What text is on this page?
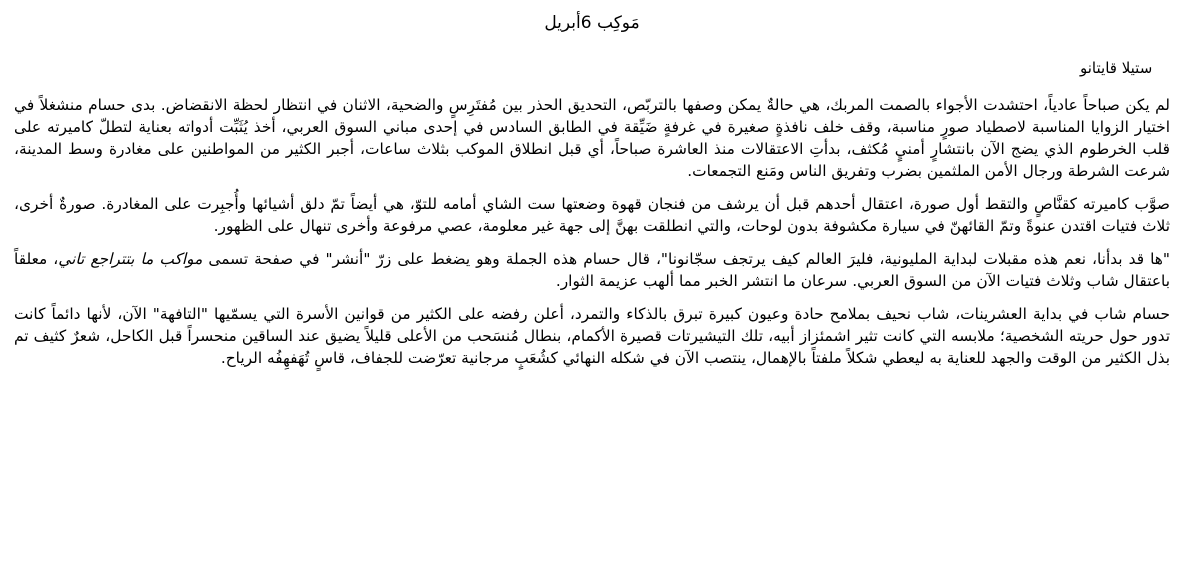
مَوكِب 6أبريل
ستيلا قايتانو

لم يكن صباحاً عادياً، احتشدت الأجواء بالصمت المربك، هي حالةٌ يمكن وصفها بالتربّص، التحديق الحذر بين مُفتَرِسٍ والضحية، الاثنان في انتظار لحظة الانقضاض. بدى حسام منشغلاً في اختيار الزوايا المناسبة لاصطياد صورٍ مناسبة، وقف خلف نافذةٍ صغيرة في غرفةٍ ضَيِّقة في الطابق السادس في إحدى مباني السوق العربي، أخذ يُثَبِّت أدواته بعناية لتطلّ كاميرته على قلب الخرطوم الذي يضج الآن بانتشارٍ أمنيٍ مُكثف، بدأتِ الاعتقالات منذ العاشرة صباحاً، أي قبل انطلاق الموكب بثلاث ساعات، أجبر الكثير من المواطنين على مغادرة وسط المدينة، شرعت الشرطة ورجال الأمن الملثمين بضرب وتفريق الناس ومَنع التجمعات.

صوَّب كاميرته كقنَّاصٍ والتقط أول صورة، اعتقال أحدهم قبل أن يرشف من فنجان قهوة وضعتها ست الشاي أمامه للتوّ، هي أيضاً تمّ دلق أشيائها وأُجبِرت على المغادرة. صورةٌ أخرى، ثلاث فتيات اقتدن عنوةً وتمّ القائهنّ في سيارة مكشوفة بدون لوحات، والتي انطلقت بهنَّ إلى جهة غير معلومة، عصي مرفوعة وأخرى تنهال على الظهور.

"ها قد بدأنا، نعم هذه مقبلات لبداية المليونية، فليرَ العالم كيف يرتجف سجّانونا"، قال حسام هذه الجملة وهو يضغط على زرّ "أنشر" في صفحة تسمى مواكب ما بتتراجع تاني، معلقاً باعتقال شاب وثلاث فتيات الآن من السوق العربي. سرعان ما انتشر الخبر مما ألهب عزيمة الثوار.

حسام شاب في بداية العشرينات، شاب نحيف بملامح حادة وعيون كبيرة تبرق بالذكاء والتمرد، أعلن رفضه على الكثير من قوانين الأسرة التي يسمّيها "التافهة" الآن، لأنها دائماً كانت تدور حول حريته الشخصية؛ ملابسه التي كانت تثير اشمئزاز أبيه، تلك التيشيرتات قصيرة الأكمام، بنطال مُنسَحب من الأعلى قليلاً يضيق عند الساقين منحسراً قبل الكاحل، شعرٌ كثيف تم بذل الكثير من الوقت والجهد للعناية به ليعطي شكلاً ملفتاً بالإهمال، ينتصب الآن في شكله النهائي كشُعَبٍ مرجانية تعرّضت للجفاف، قاسٍ تُهَفهِفُه الرياح.
